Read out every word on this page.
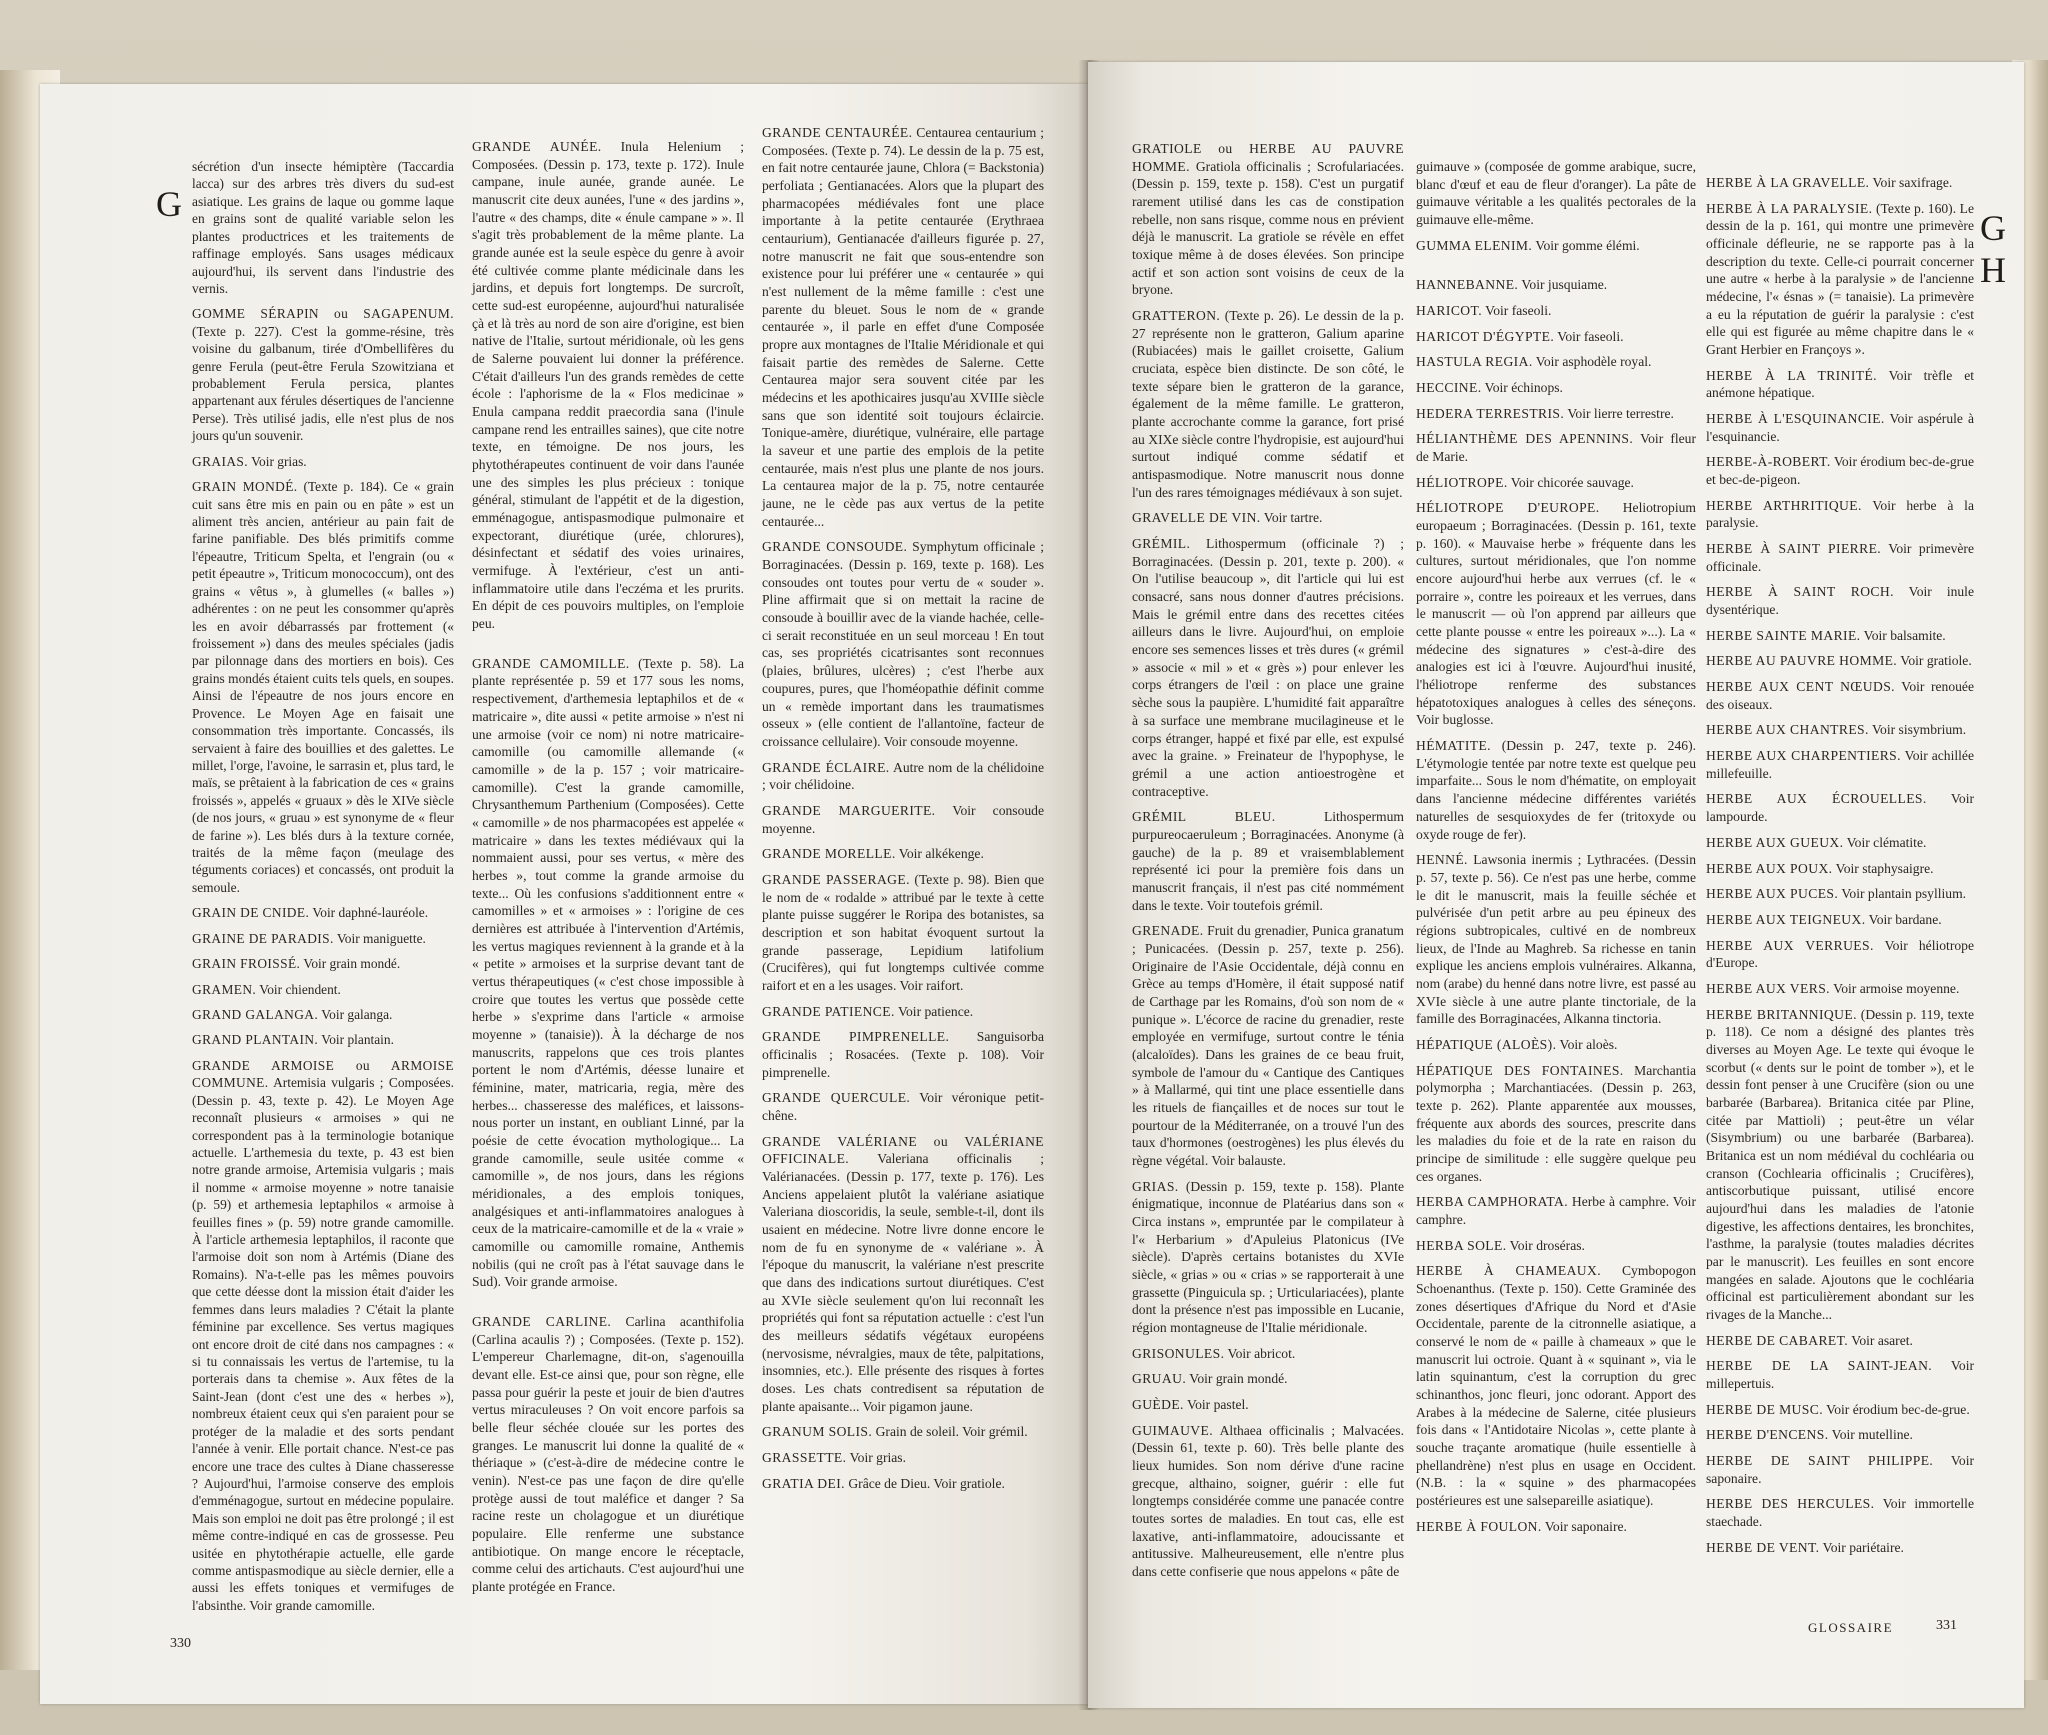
G

sécrétion d'un insecte hémiptère (Taccardia lacca) sur des arbres très divers du sud-est asiatique. Les grains de laque ou gomme laque en grains sont de qualité variable selon les plantes productrices et les traitements de raffinage employés. Sans usages médicaux aujourd'hui, ils servent dans l'industrie des vernis.

GOMME SÉRAPIN ou SAGAPENUM. (Texte p. 227). C'est la gomme-résine, très voisine du galbanum, tirée d'Ombellifères du genre Ferula (peut-être Ferula Szowitziana et probablement Ferula persica, plantes appartenant aux férules désertiques de l'ancienne Perse). Très utilisé jadis, elle n'est plus de nos jours qu'un souvenir.

GRAIAS. Voir grias.

GRAIN MONDÉ. (Texte p. 184). Ce « grain cuit sans être mis en pain ou en pâte » est un aliment très ancien, antérieur au pain fait de farine panifiable. Des blés primitifs comme l'épeautre, Triticum Spelta, et l'engrain (ou « petit épeautre », Triticum monococcum), ont des grains « vêtus », à glumelles (« balles ») adhérentes : on ne peut les consommer qu'après les en avoir débarrassés par frottement (« froissement ») dans des meules spéciales (jadis par pilonnage dans des mortiers en bois). Ces grains mondés étaient cuits tels quels, en soupes. Ainsi de l'épeautre de nos jours encore en Provence. Le Moyen Age en faisait une consommation très importante. Concassés, ils servaient à faire des bouillies et des galettes. Le millet, l'orge, l'avoine, le sarrasin et, plus tard, le maïs, se prêtaient à la fabrication de ces « grains froissés », appelés « gruaux » dès le XIVe siècle (de nos jours, « gruau » est synonyme de « fleur de farine »). Les blés durs à la texture cornée, traités de la même façon (meulage des téguments coriaces) et concassés, ont produit la semoule.

GRAIN DE CNIDE. Voir daphné-lauréole.

GRAINE DE PARADIS. Voir maniguette.

GRAIN FROISSÉ. Voir grain mondé.

GRAMEN. Voir chiendent.

GRAND GALANGA. Voir galanga.

GRAND PLANTAIN. Voir plantain.

GRANDE ARMOISE ou ARMOISE COMMUNE. Artemisia vulgaris ; Composées. (Dessin p. 43, texte p. 42). Le Moyen Age reconnaît plusieurs « armoises » qui ne correspondent pas à la terminologie botanique actuelle. L'arthemesia du texte, p. 43 est bien notre grande armoise, Artemisia vulgaris ; mais il nomme « armoise moyenne » notre tanaisie (p. 59) et arthemesia leptaphilos « armoise à feuilles fines » (p. 59) notre grande camomille. À l'article arthemesia leptaphilos, il raconte que l'armoise doit son nom à Artémis (Diane des Romains). N'a-t-elle pas les mêmes pouvoirs que cette déesse dont la mission était d'aider les femmes dans leurs maladies ? C'était la plante féminine par excellence. Ses vertus magiques ont encore droit de cité dans nos campagnes : « si tu connaissais les vertus de l'artemise, tu la porterais dans ta chemise ». Aux fêtes de la Saint-Jean (dont c'est une des « herbes »), nombreux étaient ceux qui s'en paraient pour se protéger de la maladie et des sorts pendant l'année à venir. Elle portait chance. N'est-ce pas encore une trace des cultes à Diane chasseresse ? Aujourd'hui, l'armoise conserve des emplois d'emménagogue, surtout en médecine populaire. Mais son emploi ne doit pas être prolongé ; il est même contre-indiqué en cas de grossesse. Peu usitée en phytothérapie actuelle, elle garde comme antispasmodique au siècle dernier, elle a aussi les effets toniques et vermifuges de l'absinthe. Voir grande camomille.

GRANDE AUNÉE. Inula Helenium ; Composées. (Dessin p. 173, texte p. 172). Inule campane, inule aunée, grande aunée. Le manuscrit cite deux aunées, l'une « des jardins », l'autre « des champs, dite « énule campane » ». Il s'agit très probablement de la même plante. La grande aunée est la seule espèce du genre à avoir été cultivée comme plante médicinale dans les jardins, et depuis fort longtemps. De surcroît, cette sud-est européenne, aujourd'hui naturalisée çà et là très au nord de son aire d'origine, est bien native de l'Italie, surtout méridionale, où les gens de Salerne pouvaient lui donner la préférence. C'était d'ailleurs l'un des grands remèdes de cette école : l'aphorisme de la « Flos medicinae » Enula campana reddit praecordia sana (l'inule campane rend les entrailles saines), que cite notre texte, en témoigne. De nos jours, les phytothérapeutes continuent de voir dans l'aunée une des simples les plus précieux : tonique général, stimulant de l'appétit et de la digestion, emménagogue, antispasmodique pulmonaire et expectorant, diurétique (urée, chlorures), désinfectant et sédatif des voies urinaires, vermifuge. À l'extérieur, c'est un anti-inflammatoire utile dans l'eczéma et les prurits. En dépit de ces pouvoirs multiples, on l'emploie peu.

GRANDE CAMOMILLE. (Texte p. 58). La plante représentée p. 59 et 177 sous les noms, respectivement, d'arthemesia leptaphilos et de « matricaire », dite aussi « petite armoise » n'est ni une armoise (voir ce nom) ni notre matricaire-camomille (ou camomille allemande (« camomille » de la p. 157 ; voir matricaire-camomille). C'est la grande camomille, Chrysanthemum Parthenium (Composées). Cette « camomille » de nos pharmacopées est appelée « matricaire » dans les textes médiévaux qui la nommaient aussi, pour ses vertus, « mère des herbes », tout comme la grande armoise du texte... Où les confusions s'additionnent entre « camomilles » et « armoises » : l'origine de ces dernières est attribuée à l'intervention d'Artémis, les vertus magiques reviennent à la grande et à la « petite » armoises et la surprise devant tant de vertus thérapeutiques (« c'est chose impossible à croire que toutes les vertus que possède cette herbe » s'exprime dans l'article « armoise moyenne » (tanaisie)). À la décharge de nos manuscrits, rappelons que ces trois plantes portent le nom d'Artémis, déesse lunaire et féminine, mater, matricaria, regia, mère des herbes... chasseresse des maléfices, et laissons-nous porter un instant, en oubliant Linné, par la poésie de cette évocation mythologique... La grande camomille, seule usitée comme « camomille », de nos jours, dans les régions méridionales, a des emplois toniques, analgésiques et anti-inflammatoires analogues à ceux de la matricaire-camomille et de la « vraie » camomille ou camomille romaine, Anthemis nobilis (qui ne croît pas à l'état sauvage dans le Sud). Voir grande armoise.

GRANDE CARLINE. Carlina acanthifolia (Carlina acaulis ?) ; Composées. (Texte p. 152). L'empereur Charlemagne, dit-on, s'agenouilla devant elle. Est-ce ainsi que, pour son règne, elle passa pour guérir la peste et jouir de bien d'autres vertus miraculeuses ? On voit encore parfois sa belle fleur séchée clouée sur les portes des granges. Le manuscrit lui donne la qualité de « thériaque » (c'est-à-dire de médecine contre le venin). N'est-ce pas une façon de dire qu'elle protège aussi de tout maléfice et danger ? Sa racine reste un cholagogue et un diurétique populaire. Elle renferme une substance antibiotique. On mange encore le réceptacle, comme celui des artichauts. C'est aujourd'hui une plante protégée en France.

GRANDE CENTAURÉE. Centaurea centaurium ; Composées. (Texte p. 74). Le dessin de la p. 75 est, en fait notre centaurée jaune, Chlora (= Backstonia) perfoliata ; Gentianacées. Alors que la plupart des pharmacopées médiévales font une place importante à la petite centaurée (Erythraea centaurium), Gentianacée d'ailleurs figurée p. 27, notre manuscrit ne fait que sous-entendre son existence pour lui préférer une « centaurée » qui n'est nullement de la même famille : c'est une parente du bleuet. Sous le nom de « grande centaurée », il parle en effet d'une Composée propre aux montagnes de l'Italie Méridionale et qui faisait partie des remèdes de Salerne. Cette Centaurea major sera souvent citée par les médecins et les apothicaires jusqu'au XVIIIe siècle sans que son identité soit toujours éclaircie. Tonique-amère, diurétique, vulnéraire, elle partage la saveur et une partie des emplois de la petite centaurée, mais n'est plus une plante de nos jours. La centaurea major de la p. 75, notre centaurée jaune, ne le cède pas aux vertus de la petite centaurée...

GRANDE CONSOUDE. Symphytum officinale ; Borraginacées. (Dessin p. 169, texte p. 168). Les consoudes ont toutes pour vertu de « souder ». Pline affirmait que si on mettait la racine de consoude à bouillir avec de la viande hachée, celle-ci serait reconstituée en un seul morceau ! En tout cas, ses propriétés cicatrisantes sont reconnues (plaies, brûlures, ulcères) ; c'est l'herbe aux coupures, pures, que l'homéopathie définit comme un « remède important dans les traumatismes osseux » (elle contient de l'allantoïne, facteur de croissance cellulaire). Voir consoude moyenne.

GRANDE ÉCLAIRE. Autre nom de la chélidoine ; voir chélidoine.

GRANDE MARGUERITE. Voir consoude moyenne.

GRANDE MORELLE. Voir alkékenge.

GRANDE PASSERAGE. (Texte p. 98). Bien que le nom de « rodalde » attribué par le texte à cette plante puisse suggérer le Roripa des botanistes, sa description et son habitat évoquent surtout la grande passerage, Lepidium latifolium (Crucifères), qui fut longtemps cultivée comme raifort et en a les usages. Voir raifort.

GRANDE PATIENCE. Voir patience.

GRANDE PIMPRENELLE. Sanguisorba officinalis ; Rosacées. (Texte p. 108). Voir pimprenelle.

GRANDE QUERCULE. Voir véronique petit-chêne.

GRANDE VALÉRIANE ou VALÉRIANE OFFICINALE. Valeriana officinalis ; Valérianacées. (Dessin p. 177, texte p. 176). Les Anciens appelaient plutôt la valériane asiatique Valeriana dioscoridis, la seule, semble-t-il, dont ils usaient en médecine. Notre livre donne encore le nom de fu en synonyme de « valériane ». À l'époque du manuscrit, la valériane n'est prescrite que dans des indications surtout diurétiques. C'est au XVIe siècle seulement qu'on lui reconnaît les propriétés qui font sa réputation actuelle : c'est l'un des meilleurs sédatifs végétaux européens (nervosisme, névralgies, maux de tête, palpitations, insomnies, etc.). Elle présente des risques à fortes doses. Les chats contredisent sa réputation de plante apaisante... Voir pigamon jaune.

GRANUM SOLIS. Grain de soleil. Voir grémil.

GRASSETTE. Voir grias.

GRATIA DEI. Grâce de Dieu. Voir gratiole.

330

GRATIOLE ou HERBE AU PAUVRE HOMME. Gratiola officinalis ; Scrofulariacées. (Dessin p. 159, texte p. 158). C'est un purgatif rarement utilisé dans les cas de constipation rebelle, non sans risque, comme nous en prévient déjà le manuscrit. La gratiole se révèle en effet toxique même à de doses élevées. Son principe actif et son action sont voisins de ceux de la bryone.

GRATTERON. (Texte p. 26). Le dessin de la p. 27 représente non le gratteron, Galium aparine (Rubiacées) mais le gaillet croisette, Galium cruciata, espèce bien distincte. De son côté, le texte sépare bien le gratteron de la garance, également de la même famille. Le gratteron, plante accrochante comme la garance, fort prisé au XIXe siècle contre l'hydropisie, est aujourd'hui surtout indiqué comme sédatif et antispasmodique. Notre manuscrit nous donne l'un des rares témoignages médiévaux à son sujet.

GRAVELLE DE VIN. Voir tartre.

GRÉMIL. Lithospermum (officinale ?) ; Borraginacées. (Dessin p. 201, texte p. 200). « On l'utilise beaucoup », dit l'article qui lui est consacré, sans nous donner d'autres précisions. Mais le grémil entre dans des recettes citées ailleurs dans le livre. Aujourd'hui, on emploie encore ses semences lisses et très dures (« grémil » associe « mil » et « grès ») pour enlever les corps étrangers de l'œil : on place une graine sèche sous la paupière. L'humidité fait apparaître à sa surface une membrane mucilagineuse et le corps étranger, happé et fixé par elle, est expulsé avec la graine. » Freinateur de l'hypophyse, le grémil a une action antioestrogène et contraceptive.

GRÉMIL BLEU.	Lithospermum purpureocaeruleum ; Borraginacées. Anonyme (à gauche) de la p. 89 et vraisemblablement représenté ici pour la première fois dans un manuscrit français, il n'est pas cité nommément dans le texte. Voir toutefois grémil.

GRENADE. Fruit du grenadier, Punica granatum ; Punicacées. (Dessin p. 257, texte p. 256). Originaire de l'Asie Occidentale, déjà connu en Grèce au temps d'Homère, il était supposé natif de Carthage par les Romains, d'où son nom de « punique ». L'écorce de racine du grenadier, reste employée en vermifuge, surtout contre le ténia (alcaloïdes). Dans les graines de ce beau fruit, symbole de l'amour du « Cantique des Cantiques » à Mallarmé, qui tint une place essentielle dans les rituels de fiançailles et de noces sur tout le pourtour de la Méditerranée, on a trouvé l'un des taux d'hormones (oestrogènes) les plus élevés du règne végétal. Voir balauste.

GRIAS. (Dessin p. 159, texte p. 158). Plante énigmatique, inconnue de Platéarius dans son « Circa instans », empruntée par le compilateur à l'« Herbarium » d'Apuleius Platonicus (IVe siècle). D'après certains botanistes du XVIe siècle, « grias » ou « crias » se rapporterait à une grassette (Pinguicula sp. ; Urticulariacées), plante dont la présence n'est pas impossible en Lucanie, région montagneuse de l'Italie méridionale.

GRISONULES. Voir abricot.

GRUAU. Voir grain mondé.

GUÈDE. Voir pastel.

GUIMAUVE. Althaea officinalis ; Malvacées. (Dessin 61, texte p. 60). Très belle plante des lieux humides. Son nom dérive d'une racine grecque, althaino, soigner, guérir : elle fut longtemps considérée comme une panacée contre toutes sortes de maladies. En tout cas, elle est laxative, anti-inflammatoire, adoucissante et antitussive. Malheureusement, elle n'entre plus dans cette confiserie que nous appelons « pâte de

guimauve » (composée de gomme arabique, sucre, blanc d'œuf et eau de fleur d'oranger). La pâte de guimauve véritable a les qualités pectorales de la guimauve elle-même.

GUMMA ELENIM. Voir gomme élémi.

HANNEBANNE. Voir jusquiame.

HARICOT. Voir faseoli.

HARICOT D'ÉGYPTE. Voir faseoli.

HASTULA REGIA. Voir asphodèle royal.

HECCINE. Voir échinops.

HEDERA TERRESTRIS. Voir lierre terrestre.

HÉLIANTHÈME DES APENNINS. Voir fleur de Marie.

HÉLIOTROPE. Voir chicorée sauvage.

HÉLIOTROPE D'EUROPE. Heliotropium europaeum ; Borraginacées. (Dessin p. 161, texte p. 160). « Mauvaise herbe » fréquente dans les cultures, surtout méridionales, que l'on nomme encore aujourd'hui herbe aux verrues (cf. le « porraire », contre les poireaux et les verrues, dans le manuscrit — où l'on apprend par ailleurs que cette plante pousse « entre les poireaux »...). La « médecine des signatures » c'est-à-dire des analogies est ici à l'œuvre. Aujourd'hui inusité, l'héliotrope renferme des substances hépatotoxiques analogues à celles des séneçons. Voir buglosse.

HÉMATITE. (Dessin p. 247, texte p. 246). L'étymologie tentée par notre texte est quelque peu imparfaite... Sous le nom d'hématite, on employait dans l'ancienne médecine différentes variétés naturelles de sesquioxydes de fer (tritoxyde ou oxyde rouge de fer).

HENNÉ. Lawsonia inermis ; Lythracées. (Dessin p. 57, texte p. 56). Ce n'est pas une herbe, comme le dit le manuscrit, mais la feuille séchée et pulvérisée d'un petit arbre au peu épineux des régions subtropicales, cultivé en de nombreux lieux, de l'Inde au Maghreb. Sa richesse en tanin explique les anciens emplois vulnéraires. Alkanna, nom (arabe) du henné dans notre livre, est passé au XVIe siècle à une autre plante tinctoriale, de la famille des Borraginacées, Alkanna tinctoria.

HÉPATIQUE (ALOÈS). Voir aloès.

HÉPATIQUE DES FONTAINES. Marchantia polymorpha ; Marchantiacées. (Dessin p. 263, texte p. 262). Plante apparentée aux mousses, fréquente aux abords des sources, prescrite dans les maladies du foie et de la rate en raison du principe de similitude : elle suggère quelque peu ces organes.

HERBA CAMPHORATA. Herbe à camphre. Voir camphre.

HERBA SOLE. Voir droséras.

HERBE À CHAMEAUX. Cymbopogon Schoenanthus. (Texte p. 150). Cette Graminée des zones désertiques d'Afrique du Nord et d'Asie Occidentale, parente de la citronnelle asiatique, a conservé le nom de « paille à chameaux » que le manuscrit lui octroie. Quant à « squinant », via le latin squinantum, c'est la corruption du grec schinanthos, jonc fleuri, jonc odorant. Apport des Arabes à la médecine de Salerne, citée plusieurs fois dans « l'Antidotaire Nicolas », cette plante à souche traçante aromatique (huile essentielle à phellandrène) n'est plus en usage en Occident. (N.B. : la « squine » des pharmacopées postérieures est une salsepareille asiatique).

HERBE À FOULON. Voir saponaire.

HERBE À LA GRAVELLE. Voir saxifrage.

HERBE À LA PARALYSIE. (Texte p. 160). Le dessin de la p. 161, qui montre une primevère officinale défleurie, ne se rapporte pas à la description du texte. Celle-ci pourrait concerner une autre « herbe à la paralysie » de l'ancienne médecine, l'« ésnas » (= tanaisie). La primevère a eu la réputation de guérir la paralysie : c'est elle qui est figurée au même chapitre dans le « Grant Herbier en Françoys ».

HERBE À LA TRINITÉ. Voir trèfle et anémone hépatique.

HERBE À L'ESQUINANCIE. Voir aspérule à l'esquinancie.

HERBE-À-ROBERT. Voir érodium bec-de-grue et bec-de-pigeon.

HERBE ARTHRITIQUE. Voir herbe à la paralysie.

HERBE À SAINT PIERRE. Voir primevère officinale.

HERBE À SAINT ROCH. Voir inule dysentérique.

HERBE SAINTE MARIE. Voir balsamite.

HERBE AU PAUVRE HOMME. Voir gratiole.

HERBE AUX CENT NŒUDS. Voir renouée des oiseaux.

HERBE AUX CHANTRES. Voir sisymbrium.

HERBE AUX CHARPENTIERS. Voir achillée millefeuille.

HERBE AUX ÉCROUELLES. Voir lampourde.

HERBE AUX GUEUX. Voir clématite.

HERBE AUX POUX. Voir staphysaigre.

HERBE AUX PUCES. Voir plantain psyllium.

HERBE AUX TEIGNEUX. Voir bardane.

HERBE AUX VERRUES. Voir héliotrope d'Europe.

HERBE AUX VERS. Voir armoise moyenne.

HERBE BRITANNIQUE. (Dessin p. 119, texte p. 118). Ce nom a désigné des plantes très diverses au Moyen Age. Le texte qui évoque le scorbut (« dents sur le point de tomber »), et le dessin font penser à une Crucifère (sion ou une barbarée (Barbarea). Britanica citée par Pline, citée par Mattioli) ; peut-être un vélar (Sisymbrium) ou une barbarée (Barbarea). Britanica est un nom médiéval du cochléaria ou cranson (Cochlearia officinalis ; Crucifères), antiscorbutique puissant, utilisé encore aujourd'hui dans les maladies de l'atonie digestive, les affections dentaires, les bronchites, l'asthme, la paralysie (toutes maladies décrites par le manuscrit). Les feuilles en sont encore mangées en salade. Ajoutons que le cochléaria officinal est particulièrement abondant sur les rivages de la Manche...

HERBE DE CABARET. Voir asaret.

HERBE DE LA SAINT-JEAN. Voir millepertuis.

HERBE DE MUSC. Voir érodium bec-de-grue.

HERBE D'ENCENS. Voir mutelline.

HERBE DE SAINT PHILIPPE. Voir saponaire.

HERBE DES HERCULES. Voir immortelle staechade.

HERBE DE VENT. Voir pariétaire.

G
H
GLOSSAIRE	331
